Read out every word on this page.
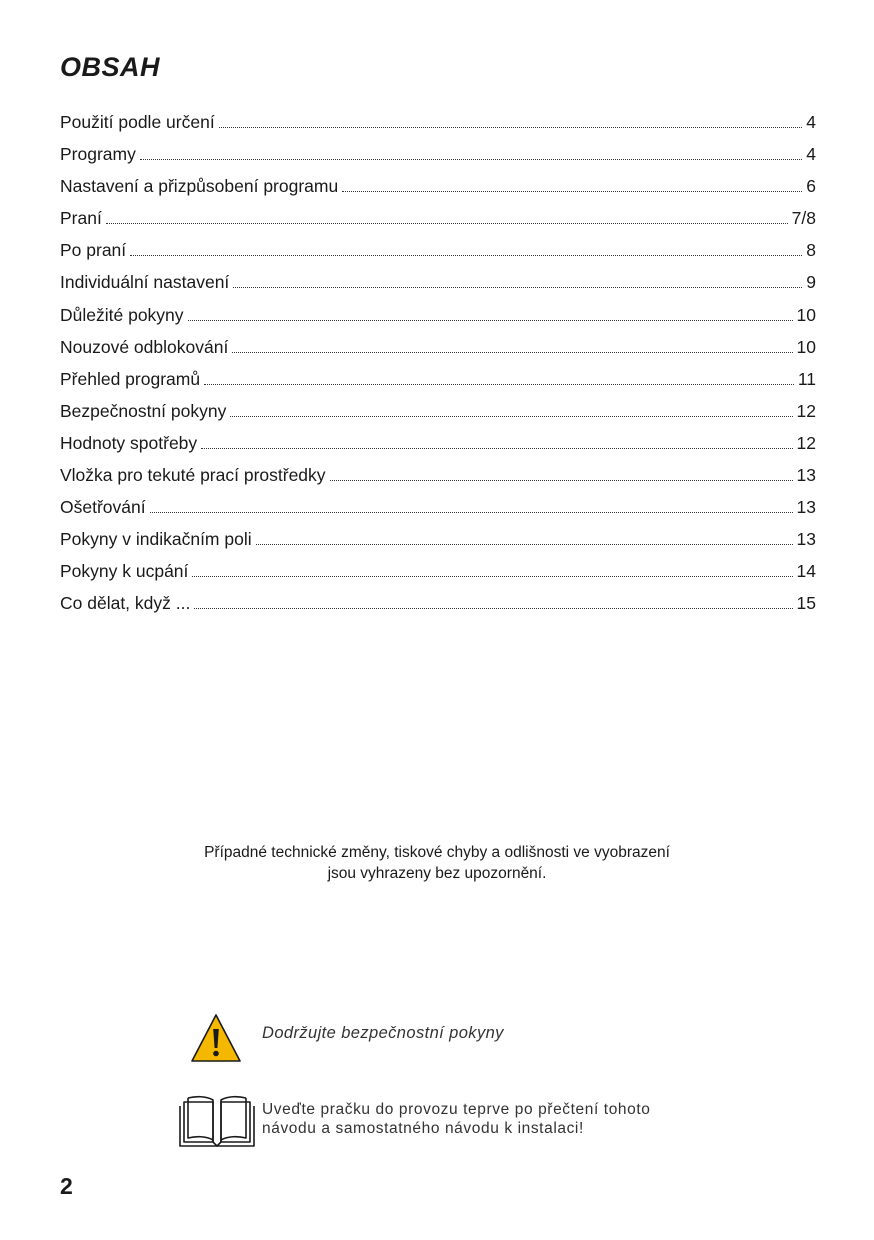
OBSAH
Použití podle určení	4
Programy	4
Nastavení a přizpůsobení programu	6
Praní	7/8
Po praní	8
Individuální nastavení	9
Důležité pokyny	10
Nouzové odblokování	10
Přehled programů	11
Bezpečnostní pokyny	12
Hodnoty spotřeby	12
Vložka pro tekuté prací prostředky	13
Ošetřování	13
Pokyny v indikačním poli	13
Pokyny k ucpání	14
Co dělat, když ...	15
Případné technické změny, tiskové chyby a odlišnosti ve vyobrazení
jsou vyhrazeny bez upozornění.
Dodržujte bezpečnostní pokyny
Uveďte pračku do provozu teprve po přečtení tohoto
návodu a samostatného návodu k instalaci!
2
